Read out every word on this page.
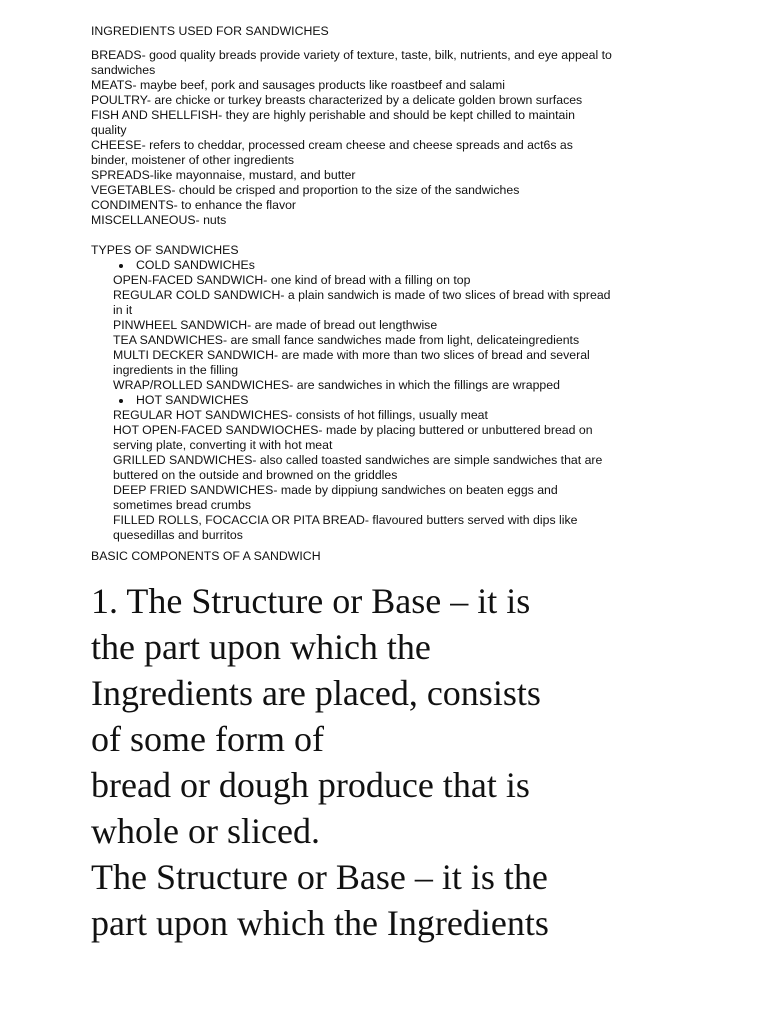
INGREDIENTS USED FOR SANDWICHES
BREADS- good quality breads provide variety of texture, taste, bilk, nutrients, and eye appeal to
sandwiches
MEATS- maybe beef, pork and sausages products like roastbeef and salami
POULTRY- are chicke or turkey breasts characterized by a delicate golden brown surfaces
FISH AND SHELLFISH- they are highly perishable and should be kept chilled to maintain
quality
CHEESE- refers to cheddar, processed cream cheese and cheese spreads and act6s as
binder, moistener of other ingredients
SPREADS-like mayonnaise, mustard, and butter
VEGETABLES- chould be crisped and proportion to the size of the sandwiches
CONDIMENTS- to enhance the flavor
MISCELLANEOUS- nuts
TYPES OF SANDWICHES
COLD SANDWICHEs
OPEN-FACED SANDWICH- one kind of bread with a filling on top
REGULAR COLD SANDWICH- a plain sandwich is made of two slices of bread with spread
in it
PINWHEEL SANDWICH- are made of bread out lengthwise
TEA SANDWICHES- are small fance sandwiches made from light, delicateingredients
MULTI DECKER SANDWICH- are made with more than two slices of bread and several
ingredients in the filling
WRAP/ROLLED SANDWICHES- are sandwiches in which the fillings are wrapped
HOT SANDWICHES
REGULAR HOT SANDWICHES- consists of hot fillings, usually meat
HOT OPEN-FACED SANDWIOCHES- made by placing buttered or unbuttered bread on
serving plate, converting it with hot meat
GRILLED SANDWICHES- also called toasted sandwiches are simple sandwiches that are
buttered on the outside and browned on the griddles
DEEP FRIED SANDWICHES- made by dippiung sandwiches on beaten eggs and
sometimes bread crumbs
FILLED ROLLS, FOCACCIA OR PITA BREAD- flavoured butters served with dips like
quesedillas and burritos
BASIC COMPONENTS OF A SANDWICH
1. The Structure or Base – it is
the part upon which the
Ingredients are placed, consists
of some form of
bread or dough produce that is
whole or sliced.
The Structure or Base – it is the
part upon which the Ingredients
